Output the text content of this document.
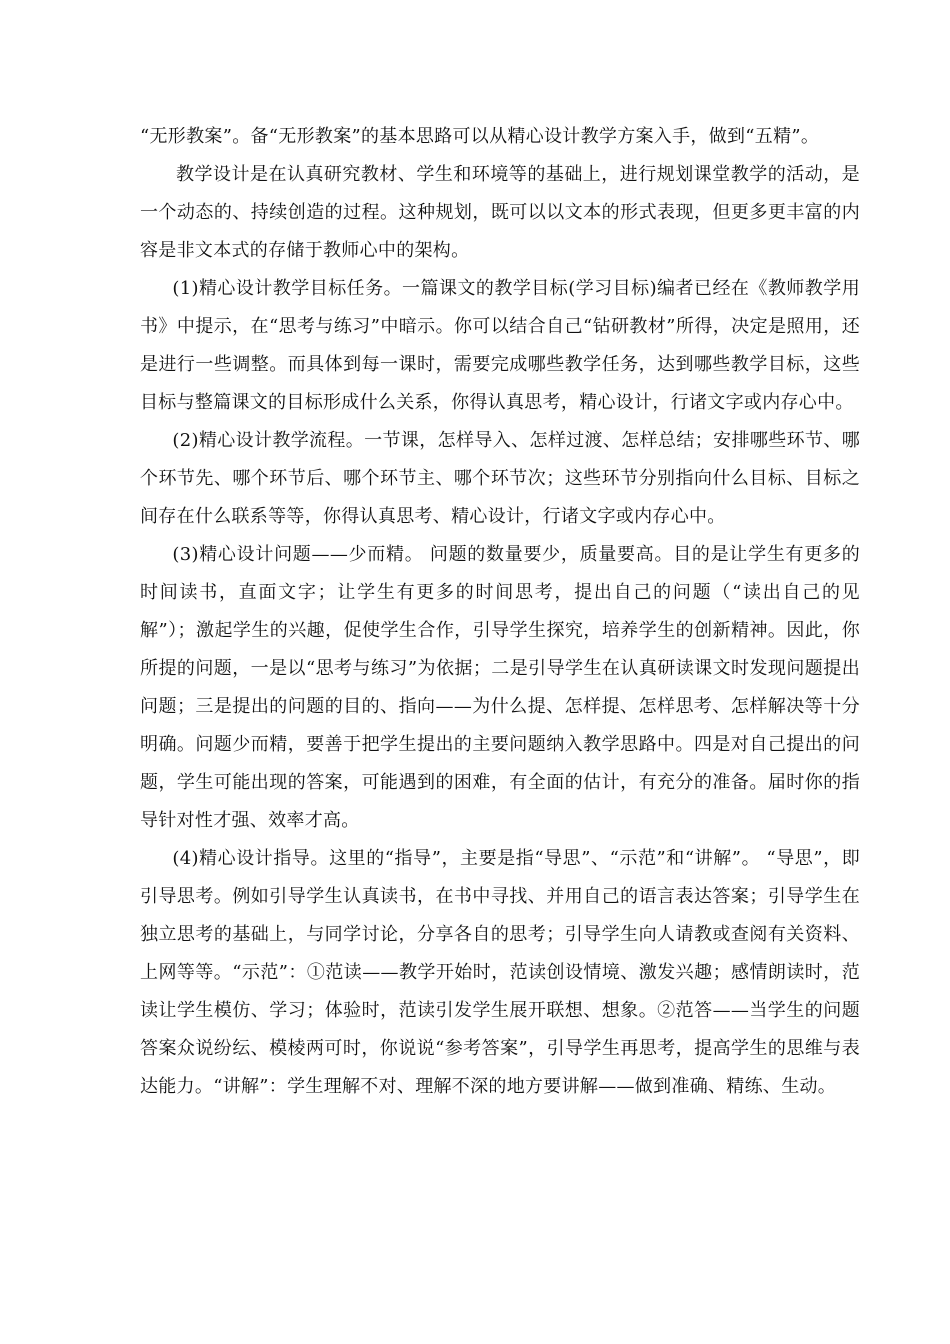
“无形教案”。备“无形教案”的基本思路可以从精心设计教学方案入手，做到“五精”。

教学设计是在认真研究教材、学生和环境等的基础上，进行规划课堂教学的活动，是一个动态的、持续创造的过程。这种规划，既可以以文本的形式表现，但更多更丰富的内容是非文本式的存储于教师心中的架构。

(1)精心设计教学目标任务。一篇课文的教学目标(学习目标)编者已经在《教师教学用书》中提示，在“思考与练习”中暗示。你可以结合自己“钻研教材”所得，决定是照用，还是进行一些调整。而具体到每一课时，需要完成哪些教学任务，达到哪些教学目标，这些目标与整篇课文的目标形成什么关系，你得认真思考，精心设计，行诸文字或内存心中。

(2)精心设计教学流程。一节课，怎样导入、怎样过渡、怎样总结；安排哪些环节、哪个环节先、哪个环节后、哪个环节主、哪个环节次；这些环节分别指向什么目标、目标之间存在什么联系等等，你得认真思考、精心设计，行诸文字或内存心中。

(3)精心设计问题——少而精。 问题的数量要少，质量要高。目的是让学生有更多的时间读书，直面文字；让学生有更多的时间思考，提出自己的问题（“读出自己的见解”）；激起学生的兴趣，促使学生合作，引导学生探究，培养学生的创新精神。因此，你所提的问题，一是以“思考与练习”为依据；二是引导学生在认真研读课文时发现问题提出问题；三是提出的问题的目的、指向——为什么提、怎样提、怎样思考、怎样解决等十分明确。问题少而精，要善于把学生提出的主要问题纳入教学思路中。四是对自己提出的问题，学生可能出现的答案，可能遇到的困难，有全面的估计，有充分的准备。届时你的指导针对性才强、效率才高。

(4)精心设计指导。这里的“指导”，主要是指“导思”、“示范”和“讲解”。 “导思”，即引导思考。例如引导学生认真读书，在书中寻找、并用自己的语言表达答案；引导学生在独立思考的基础上，与同学讨论，分享各自的思考；引导学生向人请教或查阅有关资料、上网等等。“示范”：①范读——教学开始时，范读创设情境、激发兴趣；感情朗读时，范读让学生模仿、学习；体验时，范读引发学生展开联想、想象。②范答——当学生的问题答案众说纷纭、模棱两可时，你说说“参考答案”，引导学生再思考，提高学生的思维与表达能力。“讲解”：学生理解不对、理解不深的地方要讲解——做到准确、精练、生动。
